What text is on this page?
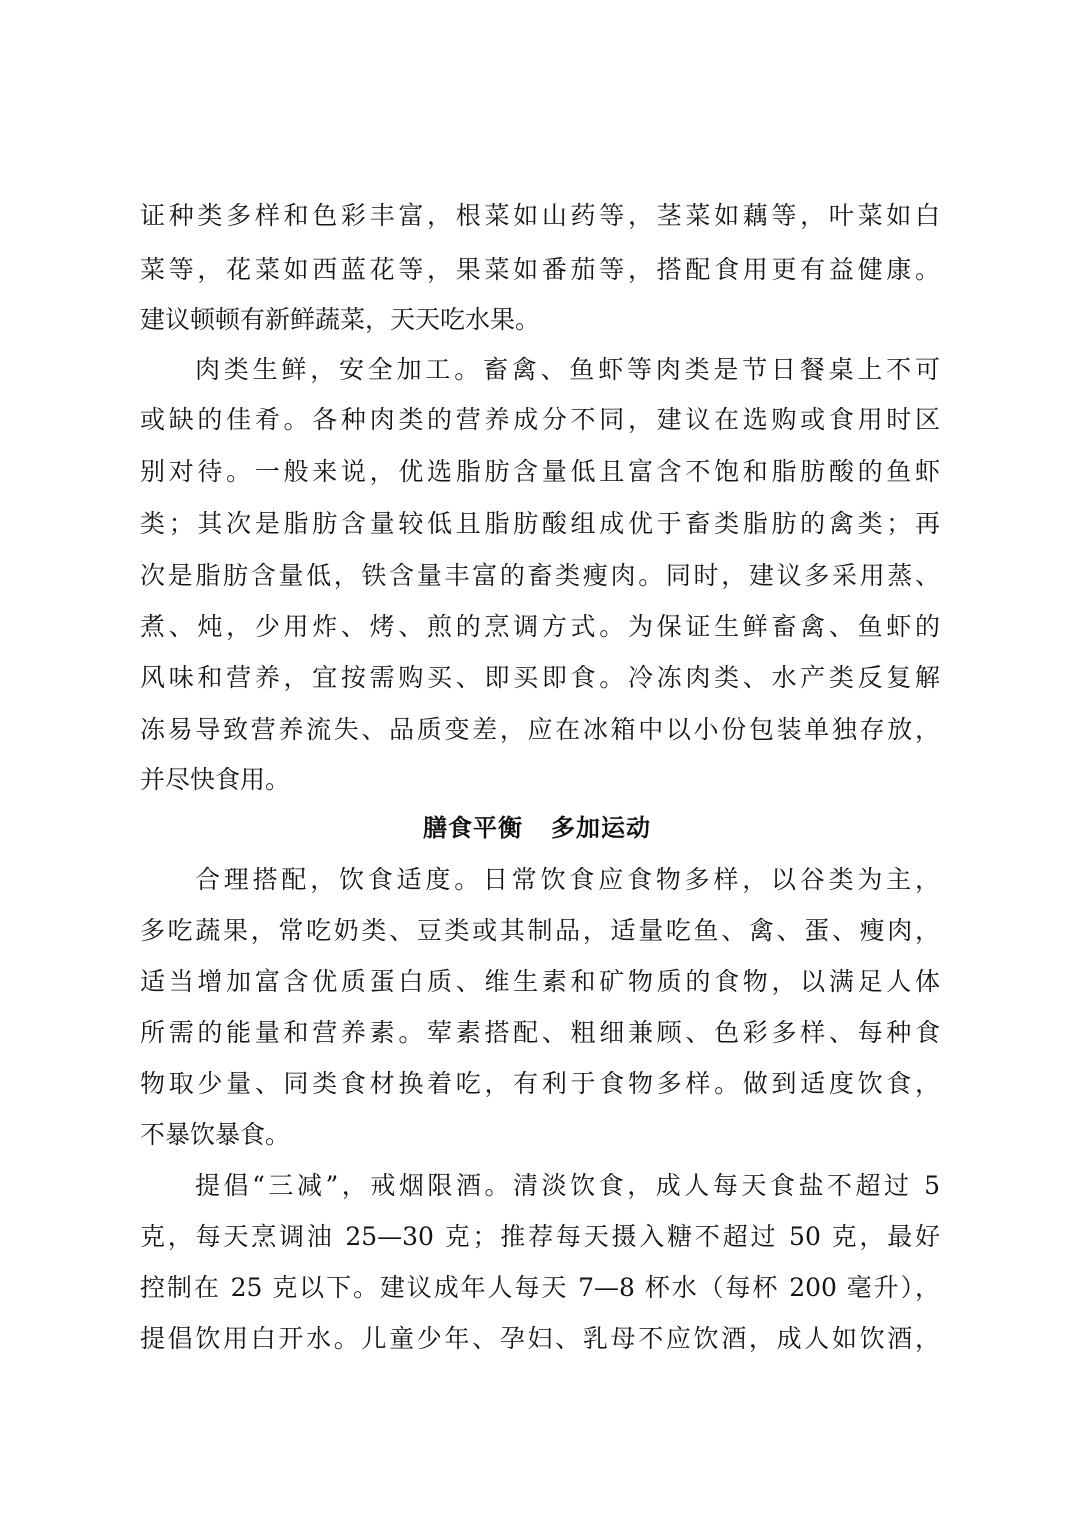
证种类多样和色彩丰富，根菜如山药等，茎菜如藕等，叶菜如白
菜等，花菜如西蓝花等，果菜如番茄等，搭配食用更有益健康。
建议顿顿有新鲜蔬菜，天天吃水果。
肉类生鲜，安全加工。畜禽、鱼虾等肉类是节日餐桌上不可
或缺的佳肴。各种肉类的营养成分不同，建议在选购或食用时区
别对待。一般来说，优选脂肪含量低且富含不饱和脂肪酸的鱼虾
类；其次是脂肪含量较低且脂肪酸组成优于畜类脂肪的禽类；再
次是脂肪含量低，铁含量丰富的畜类瘦肉。同时，建议多采用蒸、
煮、炖，少用炸、烤、煎的烹调方式。为保证生鲜畜禽、鱼虾的
风味和营养，宜按需购买、即买即食。冷冻肉类、水产类反复解
冻易导致营养流失、品质变差，应在冰箱中以小份包装单独存放，
并尽快食用。
膳食平衡   多加运动
合理搭配，饮食适度。日常饮食应食物多样，以谷类为主，
多吃蔬果，常吃奶类、豆类或其制品，适量吃鱼、禽、蛋、瘦肉，
适当增加富含优质蛋白质、维生素和矿物质的食物，以满足人体
所需的能量和营养素。荤素搭配、粗细兼顾、色彩多样、每种食
物取少量、同类食材换着吃，有利于食物多样。做到适度饮食，
不暴饮暴食。
提倡“三减”，戒烟限酒。清淡饮食，成人每天食盐不超过 5
克，每天烹调油 25—30 克；推荐每天摄入糖不超过 50 克，最好
控制在 25 克以下。建议成年人每天 7—8 杯水（每杯 200 毫升），
提倡饮用白开水。儿童少年、孕妇、乳母不应饮酒，成人如饮酒，
